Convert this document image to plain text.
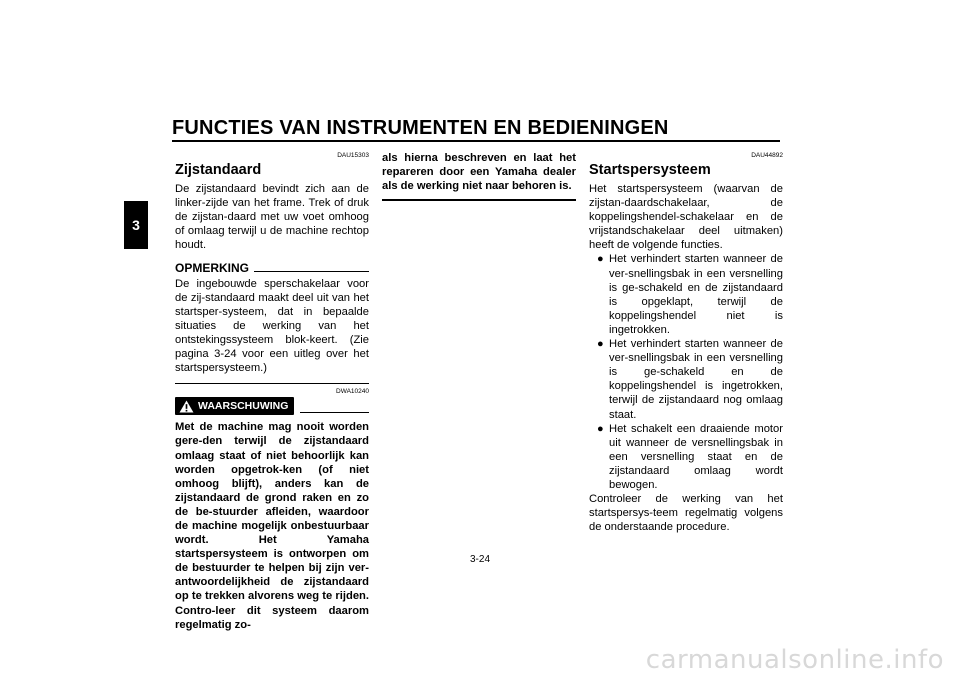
FUNCTIES VAN INSTRUMENTEN EN BEDIENINGEN
3
DAU15303
Zijstandaard

De zijstandaard bevindt zich aan de linker-zijde van het frame. Trek of druk de zijstan-daard met uw voet omhoog of omlaag terwijl u de machine rechtop houdt.

OPMERKING

De ingebouwde sperschakelaar voor de zij-standaard maakt deel uit van het startsper-systeem, dat in bepaalde situaties de werking van het ontstekingssysteem blok-keert. (Zie pagina 3-24 voor een uitleg over het startspersysteem.)

DWA10240
WAARSCHUWING
Met de machine mag nooit worden gere-den terwijl de zijstandaard omlaag staat of niet behoorlijk kan worden opgetrok-ken (of niet omhoog blijft), anders kan de zijstandaard de grond raken en zo de be-stuurder afleiden, waardoor de machine mogelijk onbestuurbaar wordt. Het Yamaha startspersysteem is ontworpen om de bestuurder te helpen bij zijn ver-antwoordelijkheid de zijstandaard op te trekken alvorens weg te rijden. Contro-leer dit systeem daarom regelmatig zo-
als hierna beschreven en laat het repareren door een Yamaha dealer als de werking niet naar behoren is.
DAU44892
Startspersysteem

Het startspersysteem (waarvan de zijstan-daardschakelaar, de koppelingshendel-schakelaar en de vrijstandschakelaar deel uitmaken) heeft de volgende functies.

● Het verhindert starten wanneer de ver-snellingsbak in een versnelling is ge-schakeld en de zijstandaard is opgeklapt, terwijl de koppelingshendel niet is ingetrokken.
● Het verhindert starten wanneer de ver-snellingsbak in een versnelling is ge-schakeld en de koppelingshendel is ingetrokken, terwijl de zijstandaard nog omlaag staat.
● Het schakelt een draaiende motor uit wanneer de versnellingsbak in een versnelling staat en de zijstandaard omlaag wordt bewogen.

Controleer de werking van het startspersys-teem regelmatig volgens de onderstaande procedure.

3-24
carmanualsonline.info
